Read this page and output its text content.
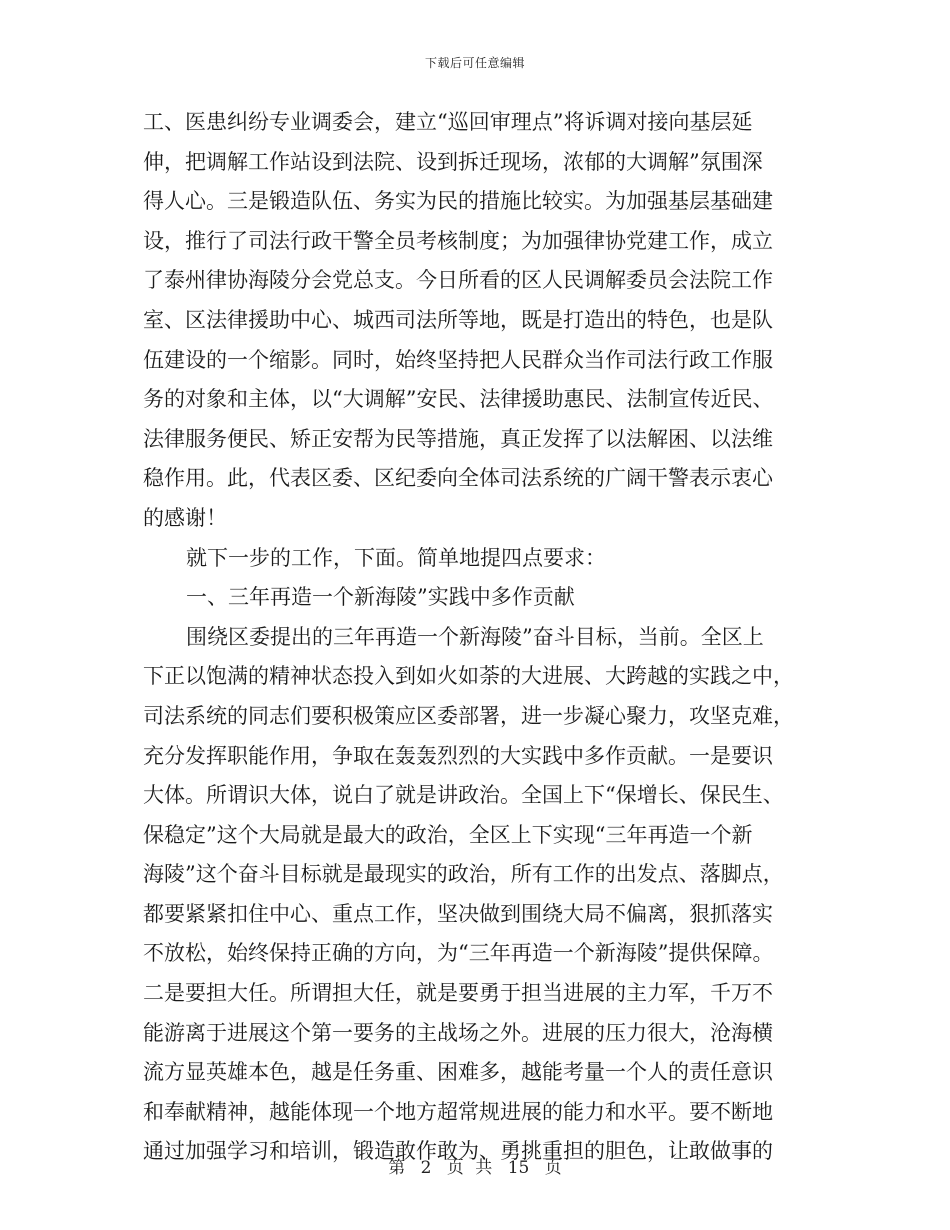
下载后可任意编辑
工、医患纠纷专业调委会，建立“巡回审理点”将诉调对接向基层延
伸，把调解工作站设到法院、设到拆迁现场，浓郁的大调解”氛围深
得人心。三是锻造队伍、务实为民的措施比较实。为加强基层基础建
设，推行了司法行政干警全员考核制度；为加强律协党建工作，成立
了泰州律协海陵分会党总支。今日所看的区人民调解委员会法院工作
室、区法律援助中心、城西司法所等地，既是打造出的特色，也是队
伍建设的一个缩影。同时，始终坚持把人民群众当作司法行政工作服
务的对象和主体，以“大调解”安民、法律援助惠民、法制宣传近民、
法律服务便民、矫正安帮为民等措施，真正发挥了以法解困、以法维
稳作用。此，代表区委、区纪委向全体司法系统的广阔干警表示衷心
的感谢！
就下一步的工作，下面。简单地提四点要求：
一、三年再造一个新海陵”实践中多作贡献
围绕区委提出的三年再造一个新海陵”奋斗目标，当前。全区上
下正以饱满的精神状态投入到如火如荼的大进展、大跨越的实践之中，
司法系统的同志们要积极策应区委部署，进一步凝心聚力，攻坚克难，
充分发挥职能作用，争取在轰轰烈烈的大实践中多作贡献。一是要识
大体。所谓识大体，说白了就是讲政治。全国上下“保增长、保民生、
保稳定”这个大局就是最大的政治，全区上下实现“三年再造一个新
海陵”这个奋斗目标就是最现实的政治，所有工作的出发点、落脚点，
都要紧紧扣住中心、重点工作，坚决做到围绕大局不偏离，狠抓落实
不放松，始终保持正确的方向，为“三年再造一个新海陵”提供保障。
二是要担大任。所谓担大任，就是要勇于担当进展的主力军，千万不
能游离于进展这个第一要务的主战场之外。进展的压力很大，沧海横
流方显英雄本色，越是任务重、困难多，越能考量一个人的责任意识
和奉献精神，越能体现一个地方超常规进展的能力和水平。要不断地
通过加强学习和培训，锻造敢作敢为、勇挑重担的胆色，让敢做事的
第 2 页 共 15 页
